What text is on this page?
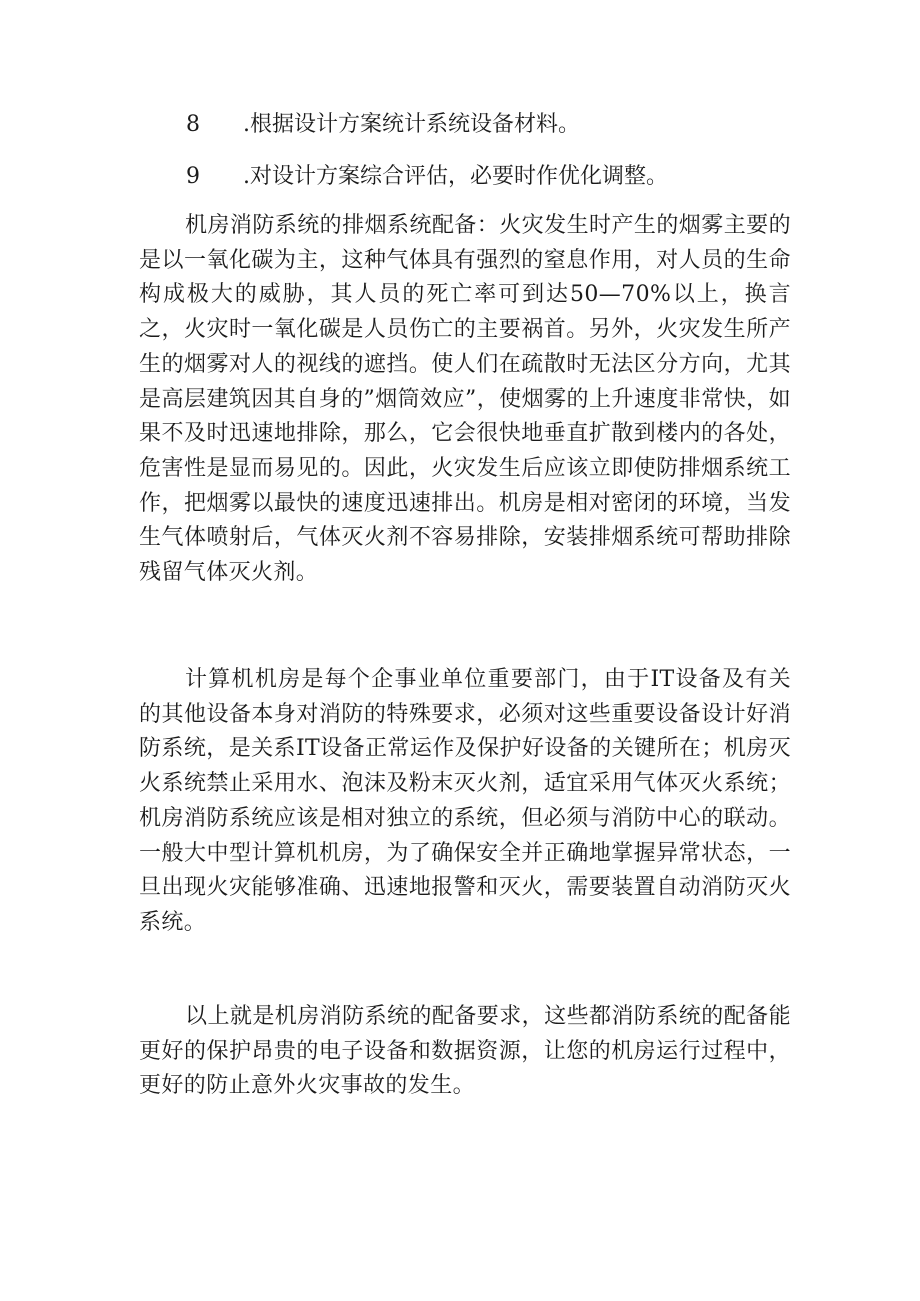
8 .根据设计方案统计系统设备材料。
9 .对设计方案综合评估，必要时作优化调整。

机房消防系统的排烟系统配备：火灾发生时产生的烟雾主要的是以一氧化碳为主，这种气体具有强烈的窒息作用，对人员的生命构成极大的威胁，其人员的死亡率可到达50—70%以上，换言之，火灾时一氧化碳是人员伤亡的主要祸首。另外，火灾发生所产生的烟雾对人的视线的遮挡。使人们在疏散时无法区分方向，尤其是高层建筑因其自身的”烟筒效应”，使烟雾的上升速度非常快，如果不及时迅速地排除，那么，它会很快地垂直扩散到楼内的各处，危害性是显而易见的。因此，火灾发生后应该立即使防排烟系统工作，把烟雾以最快的速度迅速排出。机房是相对密闭的环境，当发生气体喷射后，气体灭火剂不容易排除，安装排烟系统可帮助排除残留气体灭火剂。

计算机机房是每个企事业单位重要部门，由于IT设备及有关的其他设备本身对消防的特殊要求，必须对这些重要设备设计好消防系统，是关系IT设备正常运作及保护好设备的关键所在；机房灭火系统禁止采用水、泡沫及粉末灭火剂，适宜采用气体灭火系统；机房消防系统应该是相对独立的系统，但必须与消防中心的联动。一般大中型计算机机房，为了确保安全并正确地掌握异常状态，一旦出现火灾能够准确、迅速地报警和灭火，需要装置自动消防灭火系统。

以上就是机房消防系统的配备要求，这些都消防系统的配备能更好的保护昂贵的电子设备和数据资源，让您的机房运行过程中，更好的防止意外火灾事故的发生。
